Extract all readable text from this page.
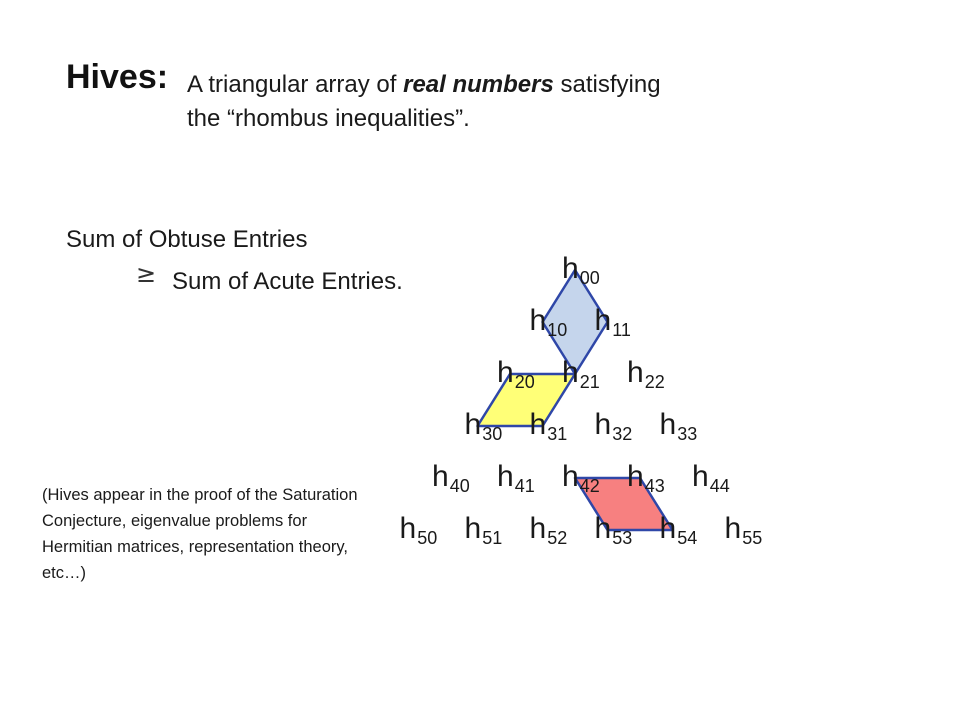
Hives: A triangular array of real numbers satisfying
the “rhombus inequalities”.
Sum of Obtuse Entries
≥ Sum of Acute Entries.
(Hives appear in the proof of the Saturation Conjecture, eigenvalue problems for Hermitian matrices, representation theory, etc…)
h00
h10 h11
h20 h21 h22
h30 h31 h32 h33
h40 h41 h42 h43 h44
h50 h51 h52 h53 h54 h55
